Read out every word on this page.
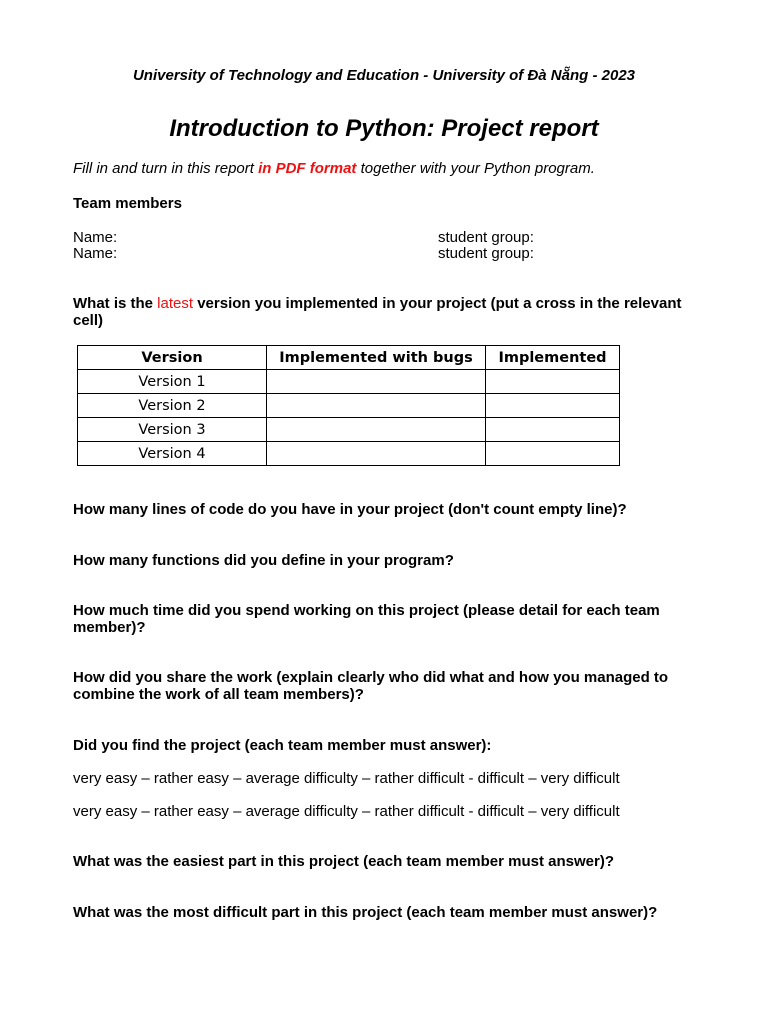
University of Technology and Education - University of Đà Nẵng - 2023
Introduction to Python: Project report
Fill in and turn in this report in PDF format together with your Python program.
Team members
Name:	student group:
Name:	student group:
What is the latest version you implemented in your project (put a cross in the relevant cell)
Version	Implemented with bugs	Implemented
Version 1		
Version 2		
Version 3		
Version 4		
How many lines of code do you have in your project (don't count empty line)?
How many functions did you define in your program?
How much time did you spend working on this project (please detail for each team member)?
How did you share the work (explain clearly who did what and how you managed to combine the work of all team members)?
Did you find the project (each team member must answer):
very easy – rather easy – average difficulty – rather difficult - difficult – very difficult
very easy – rather easy – average difficulty – rather difficult - difficult – very difficult
What was the easiest part in this project (each team member must answer)?
What was the most difficult part in this project (each team member must answer)?
